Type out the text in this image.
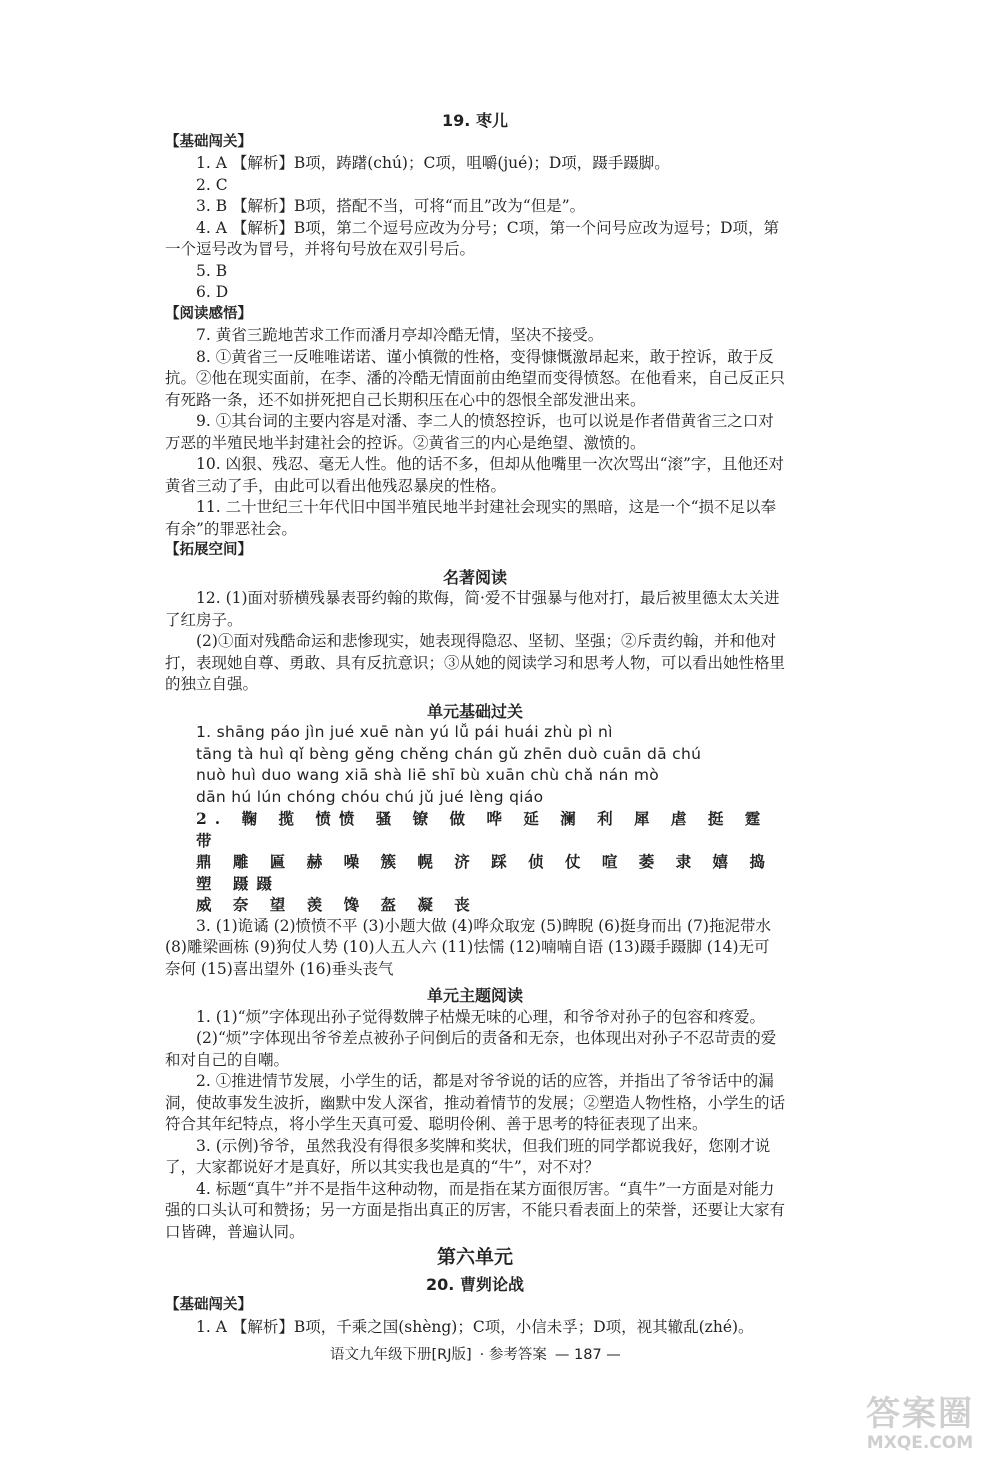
19. 枣儿

【基础闯关】

1. A 【解析】B项，踌躇(chú)；C项，咀嚼(jué)；D项，蹑手蹑脚。

2. C

3. B 【解析】B项，搭配不当，可将“而且”改为“但是”。

4. A 【解析】B项，第二个逗号应改为分号；C项，第一个问号应改为逗号；D项，第一个逗号改为冒号，并将句号放在双引号后。

5. B

6. D

【阅读感悟】

7. 黄省三跪地苦求工作而潘月亭却冷酷无情，坚决不接受。

8. ①黄省三一反唯唯诺诺、谨小慎微的性格，变得慷慨激昂起来，敢于控诉，敢于反抗。②他在现实面前，在李、潘的冷酷无情面前由绝望而变得愤怒。在他看来，自己反正只有死路一条，还不如拼死把自己长期积压在心中的怨恨全部发泄出来。

9. ①其台词的主要内容是对潘、李二人的愤怒控诉，也可以说是作者借黄省三之口对万恶的半殖民地半封建社会的控诉。②黄省三的内心是绝望、激愤的。

10. 凶狠、残忍、毫无人性。他的话不多，但却从他嘴里一次次骂出“滚”字，且他还对黄省三动了手，由此可以看出他残忍暴戾的性格。

11. 二十世纪三十年代旧中国半殖民地半封建社会现实的黑暗，这是一个“损不足以奉有余”的罪恶社会。

【拓展空间】

名著阅读

12. (1)面对骄横残暴表哥约翰的欺侮，简·爱不甘强暴与他对打，最后被里德太太关进了红房子。

(2)①面对残酷命运和悲惨现实，她表现得隐忍、坚韧、坚强；②斥责约翰，并和他对打，表现她自尊、勇敢、具有反抗意识；③从她的阅读学习和思考人物，可以看出她性格里的独立自强。

单元基础过关

1. shāng páo jìn jué xuē nàn yú lǚ pái huái zhù pì nì

tāng tà huì qǐ bèng gěng chěng chán gǔ zhēn duò cuān dā chú

nuò huì duo wang xiā shà liē shī bù xuān chù chǎ nán mò

dān hú lún chóng chóu chú jǔ jué lèng qiáo

2. 鞠 揽 愤愤 骚 镣 做 哗 延 澜 利 犀 虐 挺 霆 带

鼎 雕 匾 赫 噪 簇 幌 济 踩 侦 仗 喧 萎 隶 嬉 捣 塑 蹑蹑

威 奈 望 羡 馋 盔 凝 丧

3. (1)诡谲 (2)愤愤不平 (3)小题大做 (4)哗众取宠 (5)睥睨 (6)挺身而出 (7)拖泥带水 (8)雕梁画栋 (9)狗仗人势 (10)人五人六 (11)怯懦 (12)喃喃自语 (13)蹑手蹑脚 (14)无可奈何 (15)喜出望外 (16)垂头丧气

单元主题阅读

1. (1)“烦”字体现出孙子觉得数牌子枯燥无味的心理，和爷爷对孙子的包容和疼爱。

(2)“烦”字体现出爷爷差点被孙子问倒后的责备和无奈，也体现出对孙子不忍苛责的爱和对自己的自嘲。

2. ①推进情节发展，小学生的话，都是对爷爷说的话的应答，并指出了爷爷话中的漏洞，使故事发生波折，幽默中发人深省，推动着情节的发展；②塑造人物性格，小学生的话符合其年纪特点，将小学生天真可爱、聪明伶俐、善于思考的特征表现了出来。

3. (示例)爷爷，虽然我没有得很多奖牌和奖状，但我们班的同学都说我好，您刚才说了，大家都说好才是真好，所以其实我也是真的“牛”，对不对？

4. 标题“真牛”并不是指牛这种动物，而是指在某方面很厉害。“真牛”一方面是对能力强的口头认可和赞扬；另一方面是指出真正的厉害，不能只看表面上的荣誉，还要让大家有口皆碑，普遍认同。

第六单元

20. 曹刿论战

【基础闯关】

1. A 【解析】B项，千乘之国(shèng)；C项，小信未孚；D项，视其辙乱(zhé)。

语文九年级下册[RJ版] · 参考答案 — 187 —
答案圈
MXQE.COM
